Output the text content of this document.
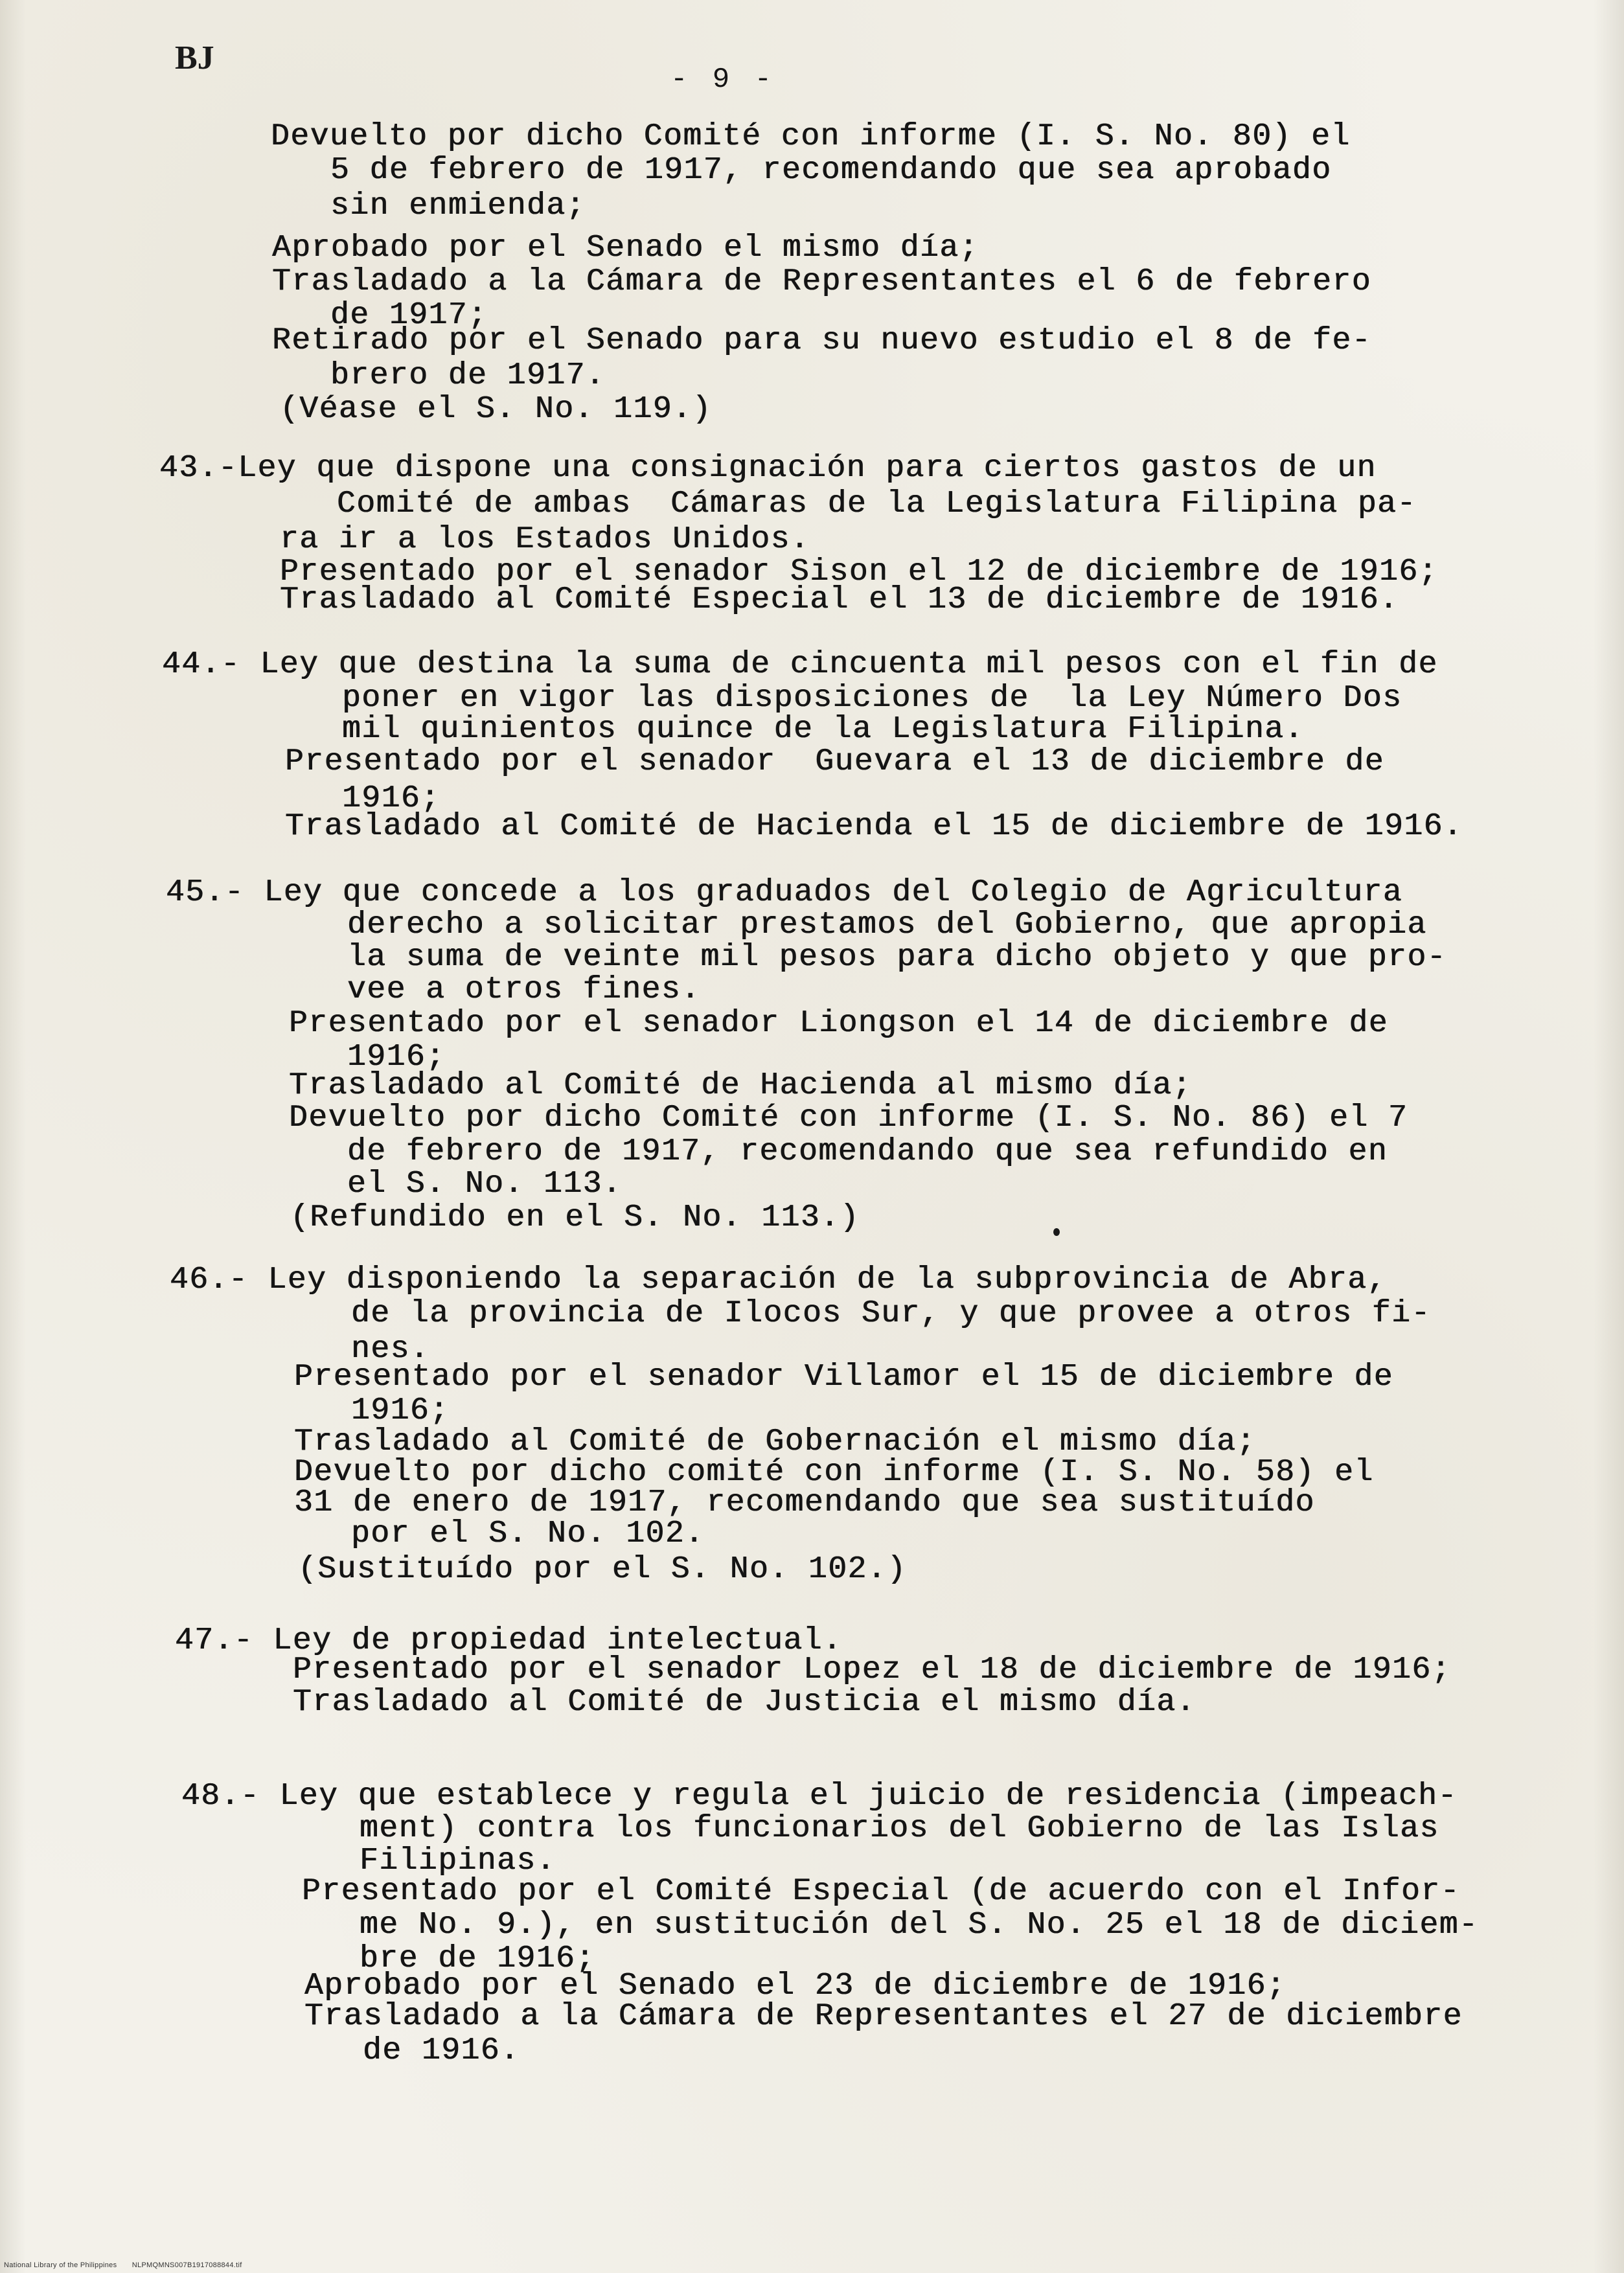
BJ
- 9 -
Devuelto por dicho Comité con informe (I. S. No. 80) el
5 de febrero de 1917, recomendando que sea aprobado
sin enmienda;
Aprobado por el Senado el mismo día;
Trasladado a la Cámara de Representantes el 6 de febrero
de 1917;
Retirado por el Senado para su nuevo estudio el 8 de fe-
brero de 1917.
(Véase el S. No. 119.)
43.-Ley que dispone una consignación para ciertos gastos de un
Comité de ambas  Cámaras de la Legislatura Filipina pa-
ra ir a los Estados Unidos.
Presentado por el senador Sison el 12 de diciembre de 1916;
Trasladado al Comité Especial el 13 de diciembre de 1916.
44.- Ley que destina la suma de cincuenta mil pesos con el fin de
poner en vigor las disposiciones de  la Ley Número Dos
mil quinientos quince de la Legislatura Filipina.
Presentado por el senador  Guevara el 13 de diciembre de
1916;
Trasladado al Comité de Hacienda el 15 de diciembre de 1916.
45.- Ley que concede a los graduados del Colegio de Agricultura
derecho a solicitar prestamos del Gobierno, que apropia
la suma de veinte mil pesos para dicho objeto y que pro-
vee a otros fines.
Presentado por el senador Liongson el 14 de diciembre de
1916;
Trasladado al Comité de Hacienda al mismo día;
Devuelto por dicho Comité con informe (I. S. No. 86) el 7
de febrero de 1917, recomendando que sea refundido en
el S. No. 113.
(Refundido en el S. No. 113.)
46.- Ley disponiendo la separación de la subprovincia de Abra,
de la provincia de Ilocos Sur, y que provee a otros fi-
nes.
Presentado por el senador Villamor el 15 de diciembre de
1916;
Trasladado al Comité de Gobernación el mismo día;
Devuelto por dicho comité con informe (I. S. No. 58) el
31 de enero de 1917, recomendando que sea sustituído
por el S. No. 102.
(Sustituído por el S. No. 102.)
47.- Ley de propiedad intelectual.
Presentado por el senador Lopez el 18 de diciembre de 1916;
Trasladado al Comité de Justicia el mismo día.
48.- Ley que establece y regula el juicio de residencia (impeach-
ment) contra los funcionarios del Gobierno de las Islas
Filipinas.
Presentado por el Comité Especial (de acuerdo con el Infor-
me No. 9.), en sustitución del S. No. 25 el 18 de diciem-
bre de 1916;
Aprobado por el Senado el 23 de diciembre de 1916;
Trasladado a la Cámara de Representantes el 27 de diciembre
de 1916.
National Library of the Philippines NLPMQMNS007B1917088844.tif
